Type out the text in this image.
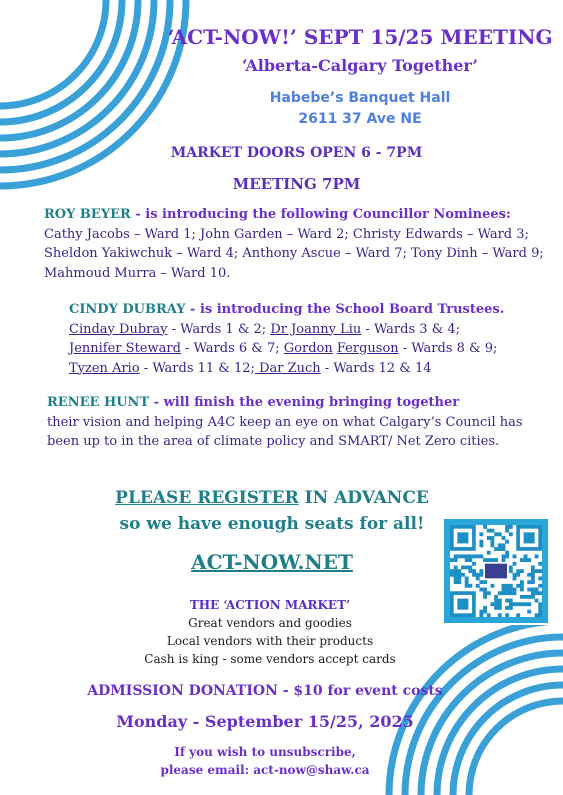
‘ACT-NOW!’ SEPT 15/25 MEETING
‘Alberta-Calgary Together’
Habebe’s Banquet Hall
2611 37 Ave NE
MARKET DOORS OPEN 6 - 7PM
MEETING 7PM
ROY BEYER - is introducing the following Councillor Nominees:
Cathy Jacobs – Ward 1; John Garden – Ward 2; Christy Edwards – Ward 3; Sheldon Yakiwchuk – Ward 4; Anthony Ascue – Ward 7; Tony Dinh – Ward 9; Mahmoud Murra – Ward 10.
CINDY DUBRAY - is introducing the School Board Trustees.
Cinday Dubray - Wards 1 & 2; Dr Joanny Liu - Wards 3 & 4;
Jennifer Steward - Wards 6 & 7; Gordon Ferguson - Wards 8 & 9; Tyzen Ario - Wards 11 & 12; Dar Zuch - Wards 12 & 14
RENEE HUNT - will finish the evening bringing together
their vision and helping A4C keep an eye on what Calgary’s Council has been up to in the area of climate policy and SMART/ Net Zero cities.
PLEASE REGISTER IN ADVANCE
so we have enough seats for all!
ACT-NOW.NET
THE ‘ACTION MARKET’
Great vendors and goodies
Local vendors with their products
Cash is king - some vendors accept cards
ADMISSION DONATION - $10 for event costs
Monday - September 15/25, 2025
If you wish to unsubscribe,
please email: act-now@shaw.ca
